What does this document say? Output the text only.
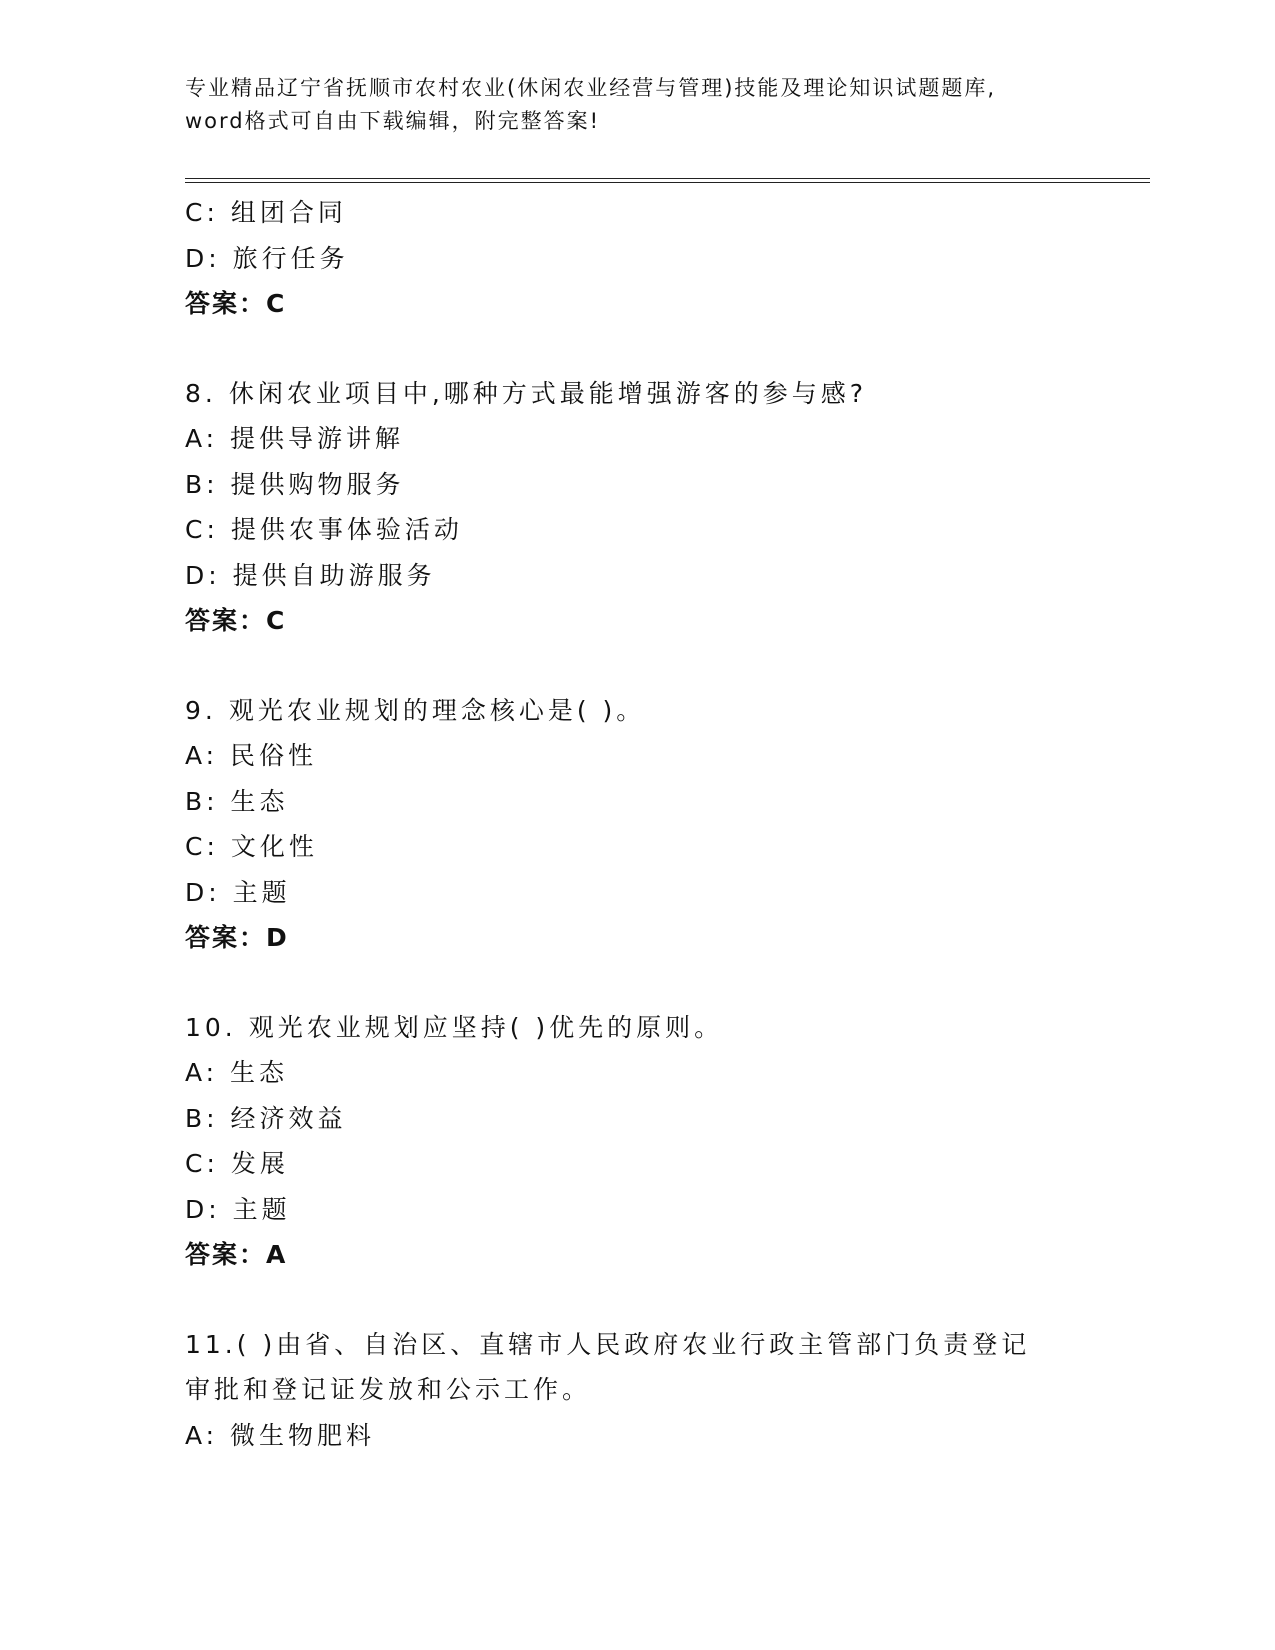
专业精品辽宁省抚顺市农村农业(休闲农业经营与管理)技能及理论知识试题题库,
word格式可自由下载编辑，附完整答案!
C: 组团合同
D: 旅行任务
答案：C
8. 休闲农业项目中,哪种方式最能增强游客的参与感?
A: 提供导游讲解
B: 提供购物服务
C: 提供农事体验活动
D: 提供自助游服务
答案：C
9. 观光农业规划的理念核心是( )。
A: 民俗性
B: 生态
C: 文化性
D: 主题
答案：D
10. 观光农业规划应坚持( )优先的原则。
A: 生态
B: 经济效益
C: 发展
D: 主题
答案：A
11.( )由省、自治区、直辖市人民政府农业行政主管部门负责登记
审批和登记证发放和公示工作。
A: 微生物肥料
